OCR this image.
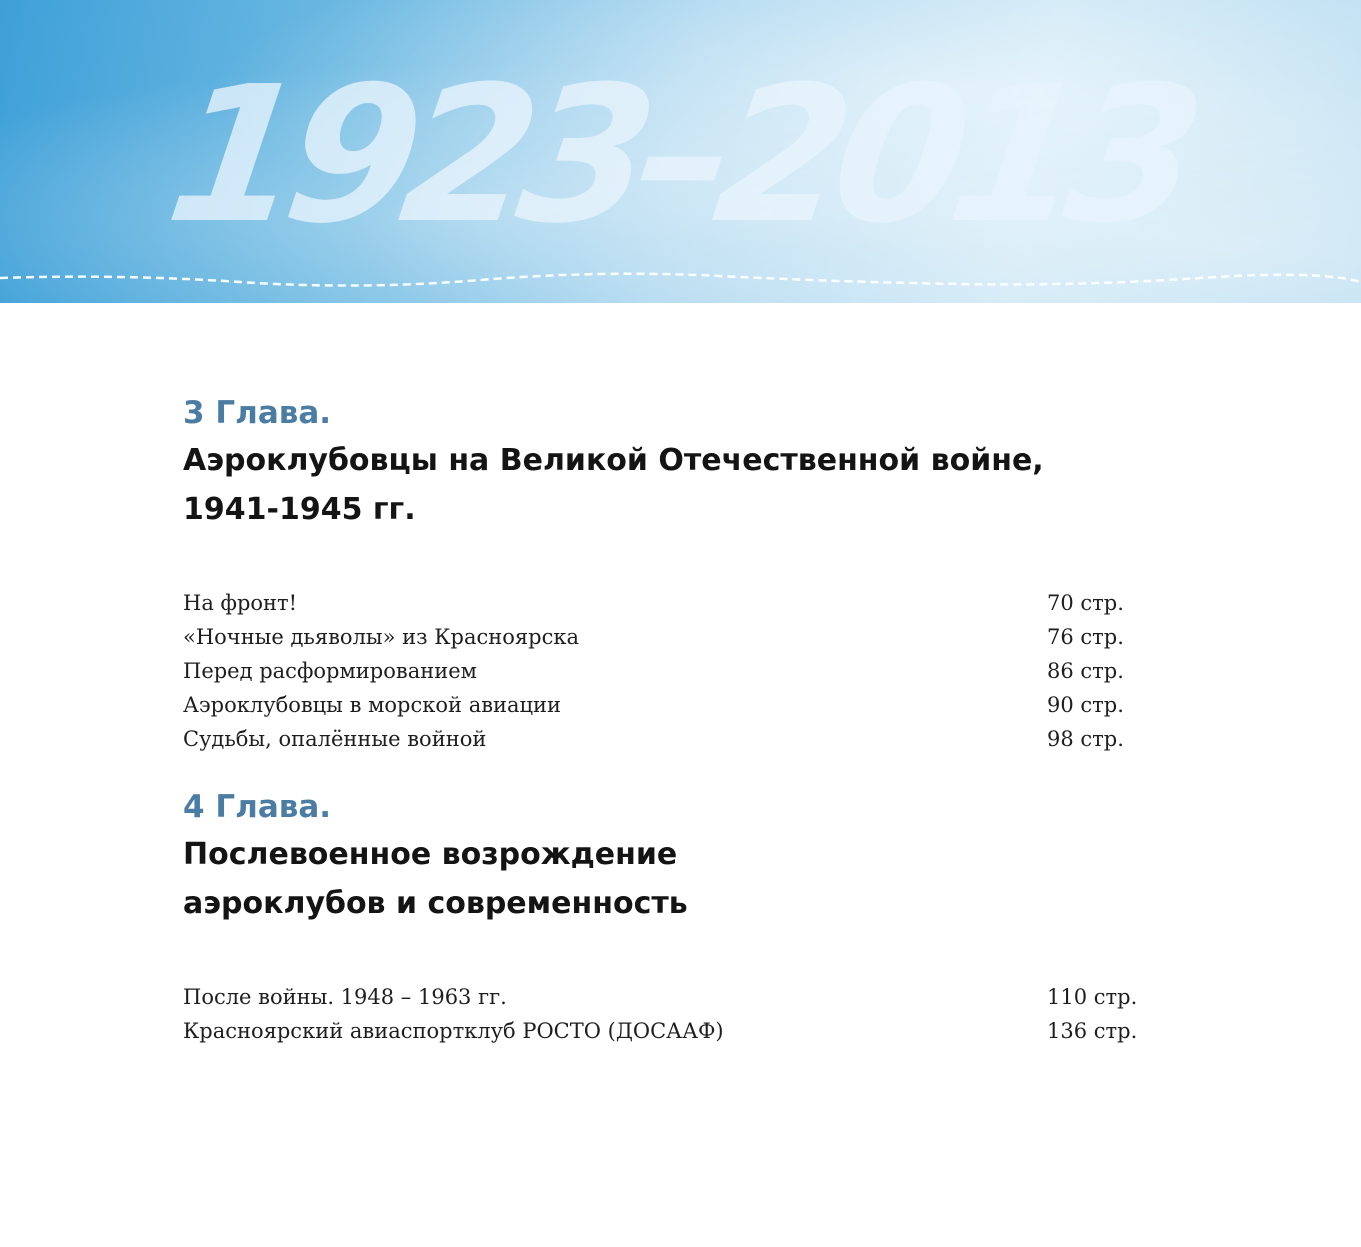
1923–2013
3 Глава.
Аэроклубовцы на Великой Отечественной войне,
1941-1945 гг.
На фронт!	70 стр.
«Ночные дьяволы» из Красноярска	76 стр.
Перед расформированием	86 стр.
Аэроклубовцы в морской авиации	90 стр.
Судьбы, опалённые войной	98 стр.
4 Глава.
Послевоенное возрождение
аэроклубов и современность
После войны. 1948 – 1963 гг.	110 стр.
Красноярский авиаспортклуб РОСТО (ДОСААФ)	136 стр.
